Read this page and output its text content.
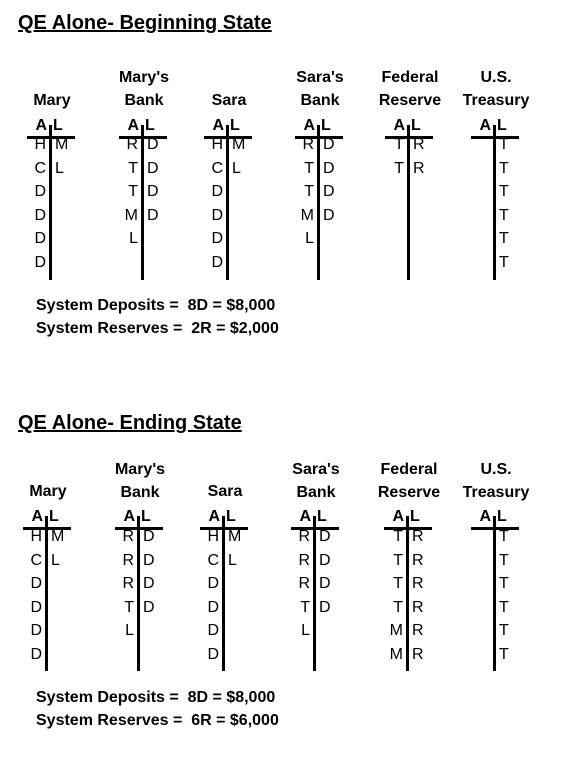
QE Alone- Beginning State
Mary
A L
H
C
D
D
D
D
M
L
Mary's
Bank
A L
R
T
T
M
L
D
D
D
D
Sara
A L
H
C
D
D
D
D
M
L
Sara's
Bank
A L
R
T
T
M
L
D
D
D
D
Federal
Reserve
A L
T
T
R
R
U.S.
Treasury
A L
T
T
T
T
T
T
System Deposits = 8D = $8,000
System Reserves = 2R = $2,000
QE Alone- Ending State
Mary
A L
H
C
D
D
D
D
M
L
Mary's
Bank
A L
R
R
R
T
L
D
D
D
D
Sara
A L
H
C
D
D
D
D
M
L
Sara's
Bank
A L
R
R
R
T
L
D
D
D
D
Federal
Reserve
A L
T
T
T
T
M
M
R
R
R
R
R
R
U.S.
Treasury
A L
T
T
T
T
T
T
System Deposits = 8D = $8,000
System Reserves = 6R = $6,000
